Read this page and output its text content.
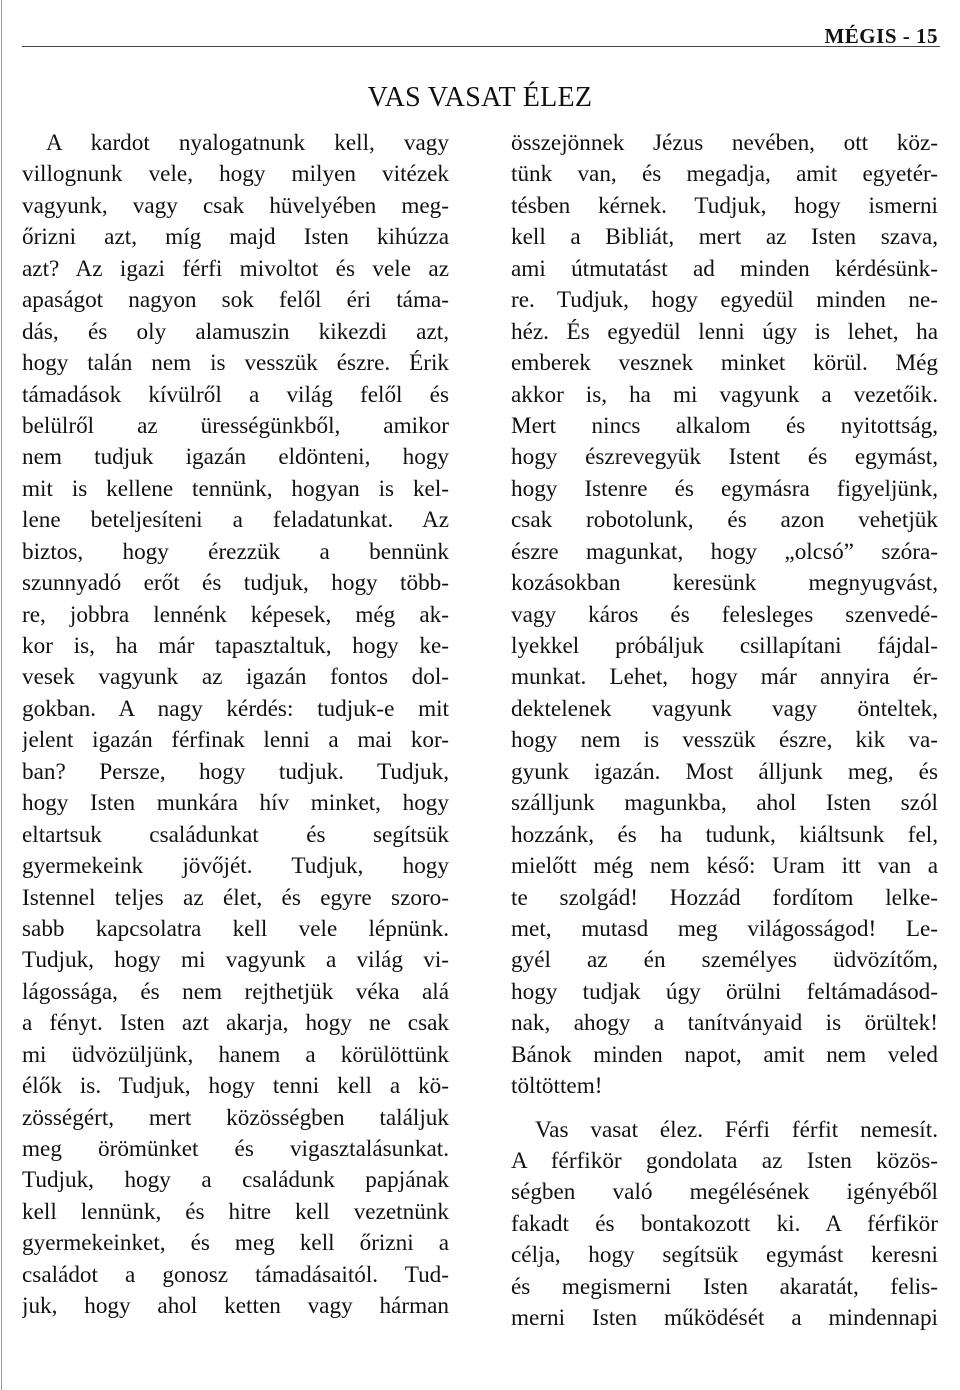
MÉGIS - 15
VAS VASAT ÉLEZ
A kardot nyalogatnunk kell, vagy
villognunk vele, hogy milyen vitézek
vagyunk, vagy csak hüvelyében meg-
őrizni azt, míg majd Isten kihúzza
azt? Az igazi férfi mivoltot és vele az
apaságot nagyon sok felől éri táma-
dás, és oly alamuszin kikezdi azt,
hogy talán nem is vesszük észre. Érik
támadások kívülről a világ felől és
belülről az ürességünkből, amikor
nem tudjuk igazán eldönteni, hogy
mit is kellene tennünk, hogyan is kel-
lene beteljesíteni a feladatunkat. Az
biztos, hogy érezzük a bennünk
szunnyadó erőt és tudjuk, hogy több-
re, jobbra lennénk képesek, még ak-
kor is, ha már tapasztaltuk, hogy ke-
vesek vagyunk az igazán fontos dol-
gokban. A nagy kérdés: tudjuk-e mit
jelent igazán férfinak lenni a mai kor-
ban? Persze, hogy tudjuk. Tudjuk,
hogy Isten munkára hív minket, hogy
eltartsuk családunkat és segítsük
gyermekeink jövőjét. Tudjuk, hogy
Istennel teljes az élet, és egyre szoro-
sabb kapcsolatra kell vele lépnünk.
Tudjuk, hogy mi vagyunk a világ vi-
lágossága, és nem rejthetjük véka alá
a fényt. Isten azt akarja, hogy ne csak
mi üdvözüljünk, hanem a körülöttünk
élők is. Tudjuk, hogy tenni kell a kö-
zösségért, mert közösségben találjuk
meg örömünket és vigasztalásunkat.
Tudjuk, hogy a családunk papjának
kell lennünk, és hitre kell vezetnünk
gyermekeinket, és meg kell őrizni a
családot a gonosz támadásaitól. Tud-
juk, hogy ahol ketten vagy hárman
összejönnek Jézus nevében, ott köz-
tünk van, és megadja, amit egyetér-
tésben kérnek. Tudjuk, hogy ismerni
kell a Bibliát, mert az Isten szava,
ami útmutatást ad minden kérdésünk-
re. Tudjuk, hogy egyedül minden ne-
héz. És egyedül lenni úgy is lehet, ha
emberek vesznek minket körül. Még
akkor is, ha mi vagyunk a vezetőik.
Mert nincs alkalom és nyitottság,
hogy észrevegyük Istent és egymást,
hogy Istenre és egymásra figyeljünk,
csak robotolunk, és azon vehetjük
észre magunkat, hogy „olcsó” szóra-
kozásokban keresünk megnyugvást,
vagy káros és felesleges szenvedé-
lyekkel próbáljuk csillapítani fájdal-
munkat. Lehet, hogy már annyira ér-
dektelenek vagyunk vagy önteltek,
hogy nem is vesszük észre, kik va-
gyunk igazán. Most álljunk meg, és
szálljunk magunkba, ahol Isten szól
hozzánk, és ha tudunk, kiáltsunk fel,
mielőtt még nem késő: Uram itt van a
te szolgád! Hozzád fordítom lelke-
met, mutasd meg világosságod! Le-
gyél az én személyes üdvözítőm,
hogy tudjak úgy örülni feltámadásod-
nak, ahogy a tanítványaid is örültek!
Bánok minden napot, amit nem veled
töltöttem!
Vas vasat élez. Férfi férfit nemesít.
A férfikör gondolata az Isten közös-
ségben való megélésének igényéből
fakadt és bontakozott ki. A férfikör
célja, hogy segítsük egymást keresni
és megismerni Isten akaratát, felis-
merni Isten működését a mindennapi
